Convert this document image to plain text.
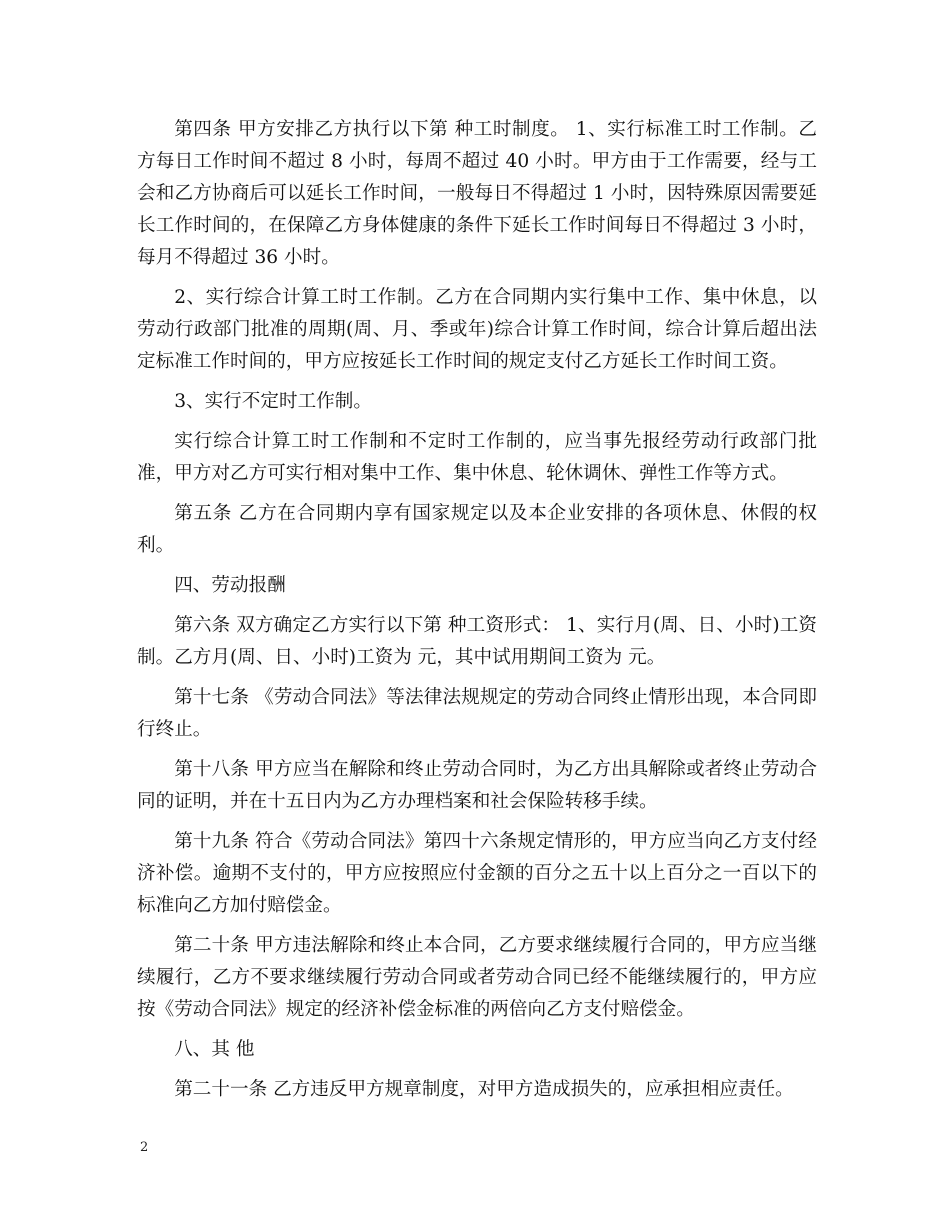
第四条 甲方安排乙方执行以下第 种工时制度。 1、实行标准工时工作制。乙方每日工作时间不超过 8 小时，每周不超过 40 小时。甲方由于工作需要，经与工会和乙方协商后可以延长工作时间，一般每日不得超过 1 小时，因特殊原因需要延长工作时间的，在保障乙方身体健康的条件下延长工作时间每日不得超过 3 小时，每月不得超过 36 小时。

2、实行综合计算工时工作制。乙方在合同期内实行集中工作、集中休息，以劳动行政部门批准的周期(周、月、季或年)综合计算工作时间，综合计算后超出法定标准工作时间的，甲方应按延长工作时间的规定支付乙方延长工作时间工资。

3、实行不定时工作制。

实行综合计算工时工作制和不定时工作制的，应当事先报经劳动行政部门批准，甲方对乙方可实行相对集中工作、集中休息、轮休调休、弹性工作等方式。

第五条 乙方在合同期内享有国家规定以及本企业安排的各项休息、休假的权利。

四、劳动报酬

第六条 双方确定乙方实行以下第 种工资形式： 1、实行月(周、日、小时)工资制。乙方月(周、日、小时)工资为 元，其中试用期间工资为 元。

第十七条 《劳动合同法》等法律法规规定的劳动合同终止情形出现，本合同即行终止。

第十八条 甲方应当在解除和终止劳动合同时，为乙方出具解除或者终止劳动合同的证明，并在十五日内为乙方办理档案和社会保险转移手续。

第十九条 符合《劳动合同法》第四十六条规定情形的，甲方应当向乙方支付经济补偿。逾期不支付的，甲方应按照应付金额的百分之五十以上百分之一百以下的标准向乙方加付赔偿金。

第二十条 甲方违法解除和终止本合同，乙方要求继续履行合同的，甲方应当继续履行，乙方不要求继续履行劳动合同或者劳动合同已经不能继续履行的，甲方应按《劳动合同法》规定的经济补偿金标准的两倍向乙方支付赔偿金。

八、其 他

第二十一条 乙方违反甲方规章制度，对甲方造成损失的，应承担相应责任。

2
